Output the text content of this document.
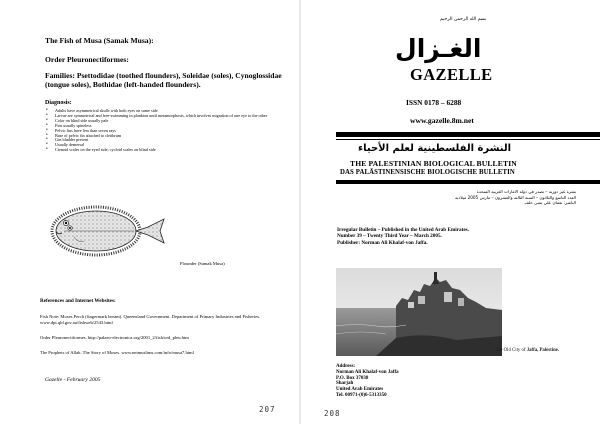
The Fish of Musa (Samak Musa):
Order Pleuronectiformes:
Families: Psettodidae (toothed flounders), Soleidae (soles), Cynoglossidae (tongue soles), Bothidae (left-handed flounders).
Diagnosis:
• Adults have asymmetrical skulls with both eyes on same side
• Larvae are symmetrical and free-swimming in plankton until metamorphosis, which involves migration of one eye to the other
• Color on blind side usually pale
• Fins usually spineless
• Pelvic fins have less than seven rays
• Base of pelvic fin attached to cleithrum
• Gas bladder present
• Usually demersal
• Ctenoid scales on the eyed side; cycloid scales on blind side
Flounder (Samak Musa)
References and Internet Websites:
Fish Note: Moses Perch (fingermark bream). Queensland Government. Department of Primary Industries and Fisheries. www.dpi.qld.gov.au/fishweb/2543.html
Order Pleuronectiformes. http://palaeo-electronica.org/2001_2/fish/ord_pleu.htm
The Prophets of Allah. The Story of Moses. www.netmuslims.com/info/musa7.html
Gazelle - February 2005
207
بسم الله الرحمن الرحيم
الغـزال
GAZELLE
ISSN 0178 – 6288
www.gazelle.8m.net
النشرة الفلسطينية لعلم الأحياء
THE PALESTINIAN BIOLOGICAL BULLETIN
DAS PALÄSTINENSISCHE BIOLOGISCHE BULLETIN
نشرة غير دورية – تصدر في دولة الامارات العربية المتحدة
العدد التاسع والثلاثون – السنة الثالثة والعشرون – مارس 2005 ميلادية
الناشر: نعمان علي يمنى خلف
Irregular Bulletin – Published in the United Arab Emirates.
Number 39 – Twenty Third Year – March 2005.
Publisher: Norman Ali Khalaf-von Jaffa.
The Old City of Jaffa, Palestine.
Address:
Norman Ali Khalaf-von Jaffa
P.O. Box 37038
Sharjah
United Arab Emirates
Tel. 00971-(0)6-5313350
208
